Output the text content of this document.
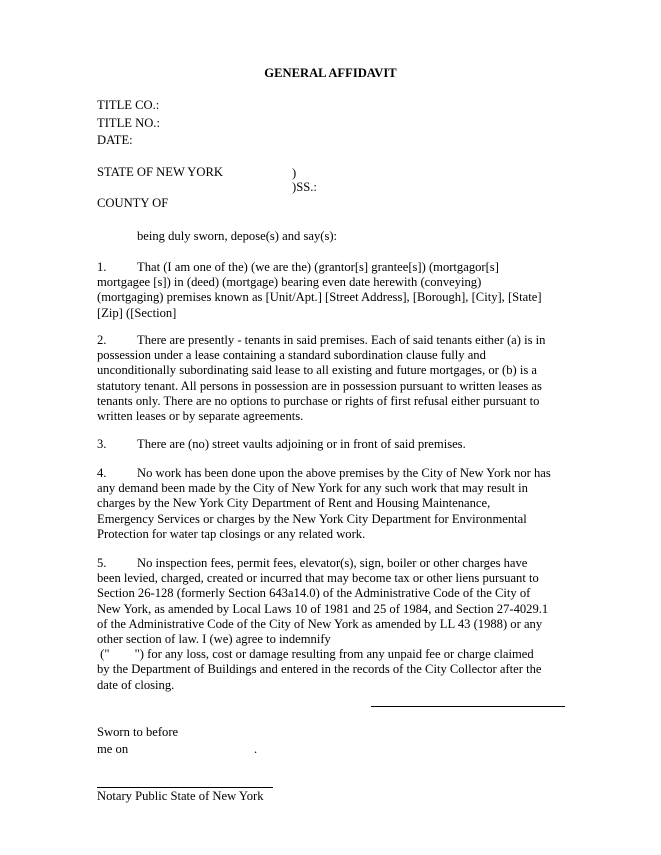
GENERAL AFFIDAVIT
TITLE CO.:
TITLE NO.:
DATE:
STATE OF NEW YORK	)
)SS.:
COUNTY OF
being duly sworn, depose(s) and say(s):
1. That (I am one of the) (we are the) (grantor[s] grantee[s]) (mortgagor[s]
mortgagee [s]) in (deed) (mortgage) bearing even date herewith (conveying)
(mortgaging) premises known as [Unit/Apt.] [Street Address], [Borough], [City], [State]
[Zip] ([Section]
2. There are presently - tenants in said premises. Each of said tenants either (a) is in
possession under a lease containing a standard subordination clause fully and
unconditionally subordinating said lease to all existing and future mortgages, or (b) is a
statutory tenant. All persons in possession are in possession pursuant to written leases as
tenants only. There are no options to purchase or rights of first refusal either pursuant to
written leases or by separate agreements.
3. There are (no) street vaults adjoining or in front of said premises.
4. No work has been done upon the above premises by the City of New York nor has
any demand been made by the City of New York for any such work that may result in
charges by the New York City Department of Rent and Housing Maintenance,
Emergency Services or charges by the New York City Department for Environmental
Protection for water tap closings or any related work.
5. No inspection fees, permit fees, elevator(s), sign, boiler or other charges have
been levied, charged, created or incurred that may become tax or other liens pursuant to
Section 26-128 (formerly Section 643a14.0) of the Administrative Code of the City of
New York, as amended by Local Laws 10 of 1981 and 25 of 1984, and Section 27-4029.1
of the Administrative Code of the City of New York as amended by LL 43 (1988) or any
other section of law. I (we) agree to indemnify
("        ") for any loss, cost or damage resulting from any unpaid fee or charge claimed
by the Department of Buildings and entered in the records of the City Collector after the
date of closing.
Sworn to before
me on	.
Notary Public State of New York
